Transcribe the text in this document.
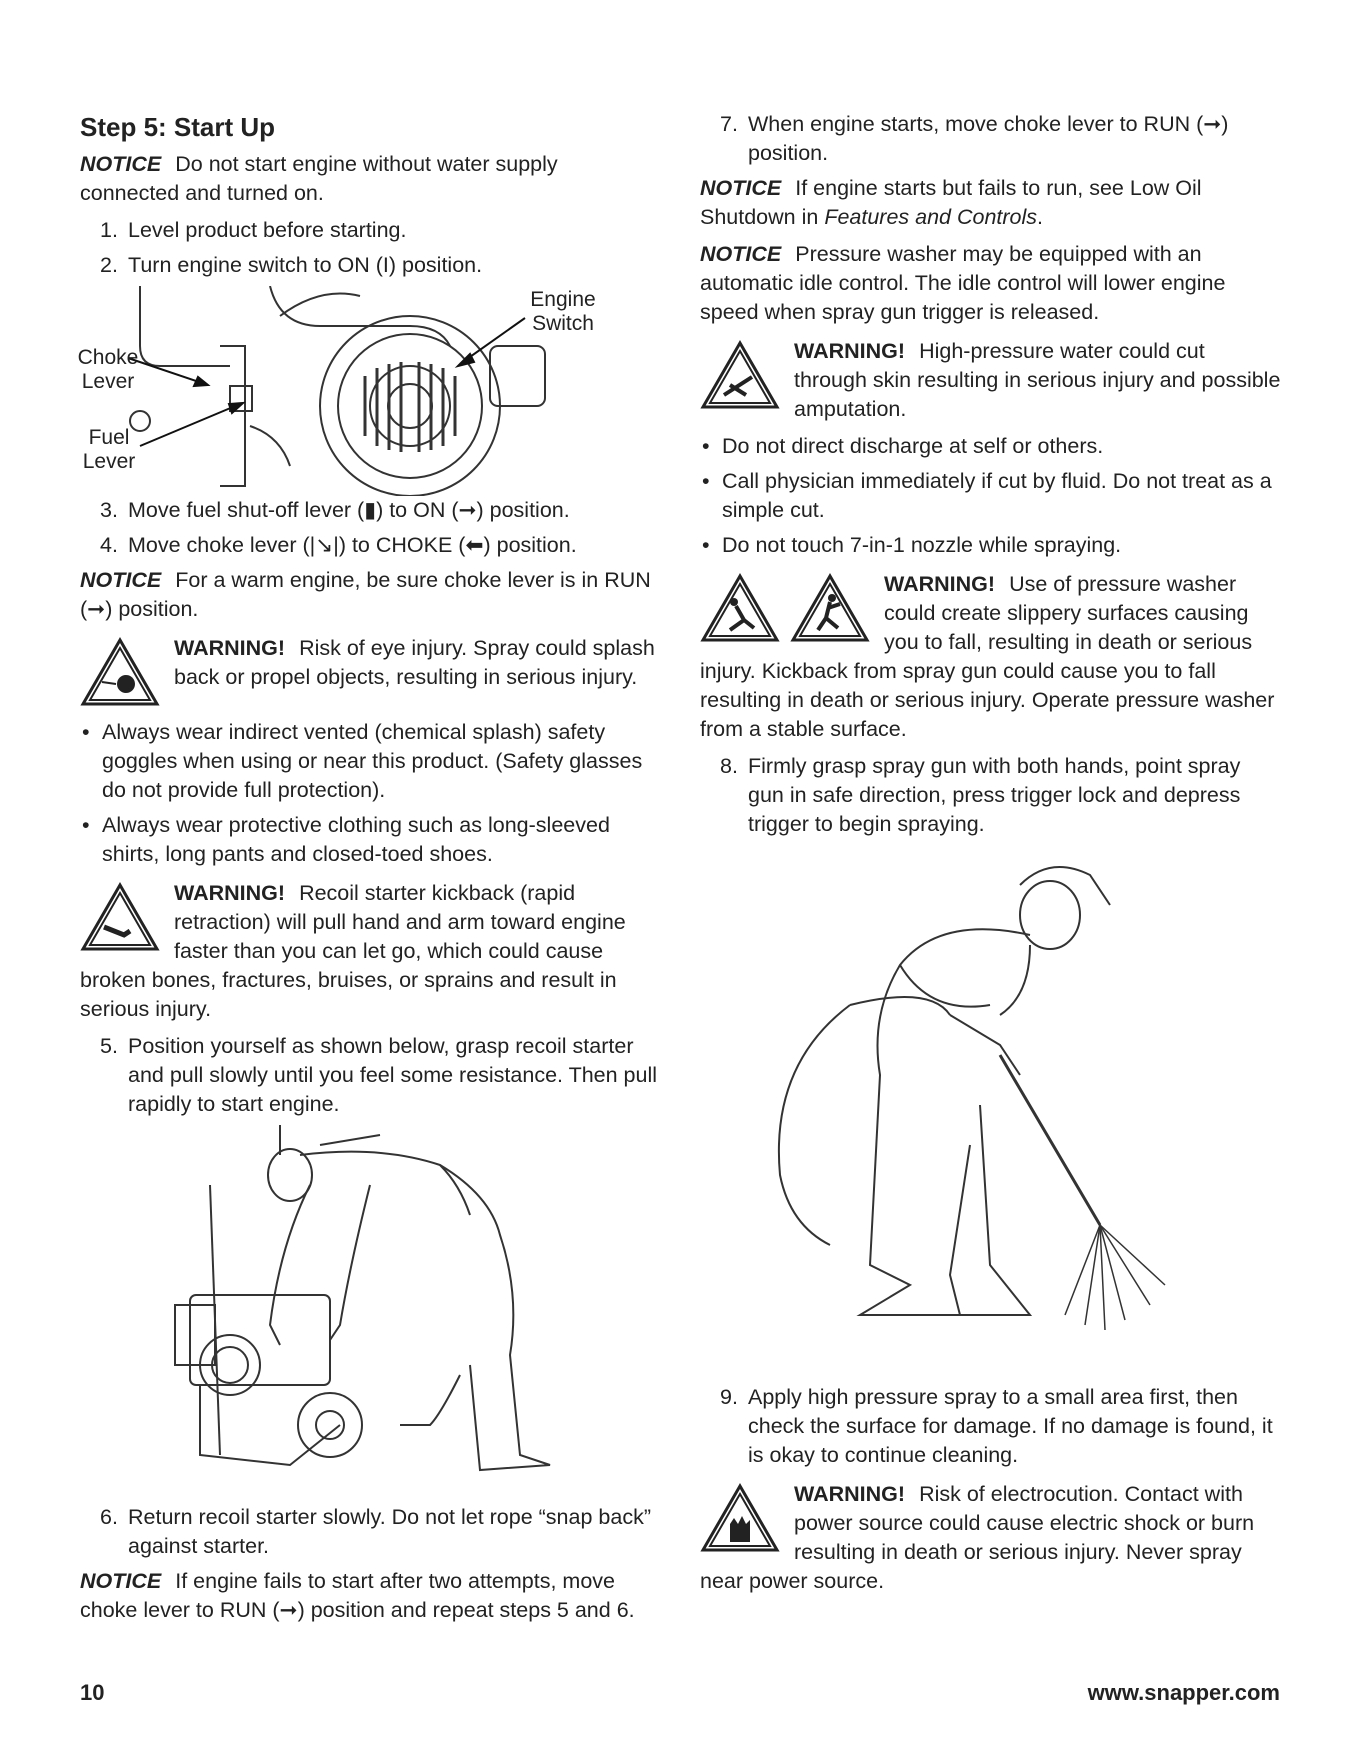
Step 5: Start Up

NOTICE Do not start engine without water supply connected and turned on.

1. Level product before starting.
2. Turn engine switch to ON (I) position.
Engine
Switch
Choke
Lever
Fuel
Lever
3. Move fuel shut-off lever (▮) to ON (➞) position.
4. Move choke lever (|↘|) to CHOKE (⬅) position.

NOTICE For a warm engine, be sure choke lever is in RUN (➞) position.

WARNING! Risk of eye injury. Spray could splash back or propel objects, resulting in serious injury.
• Always wear indirect vented (chemical splash) safety goggles when using or near this product. (Safety glasses do not provide full protection).
• Always wear protective clothing such as long-sleeved shirts, long pants and closed-toed shoes.
WARNING! Recoil starter kickback (rapid retraction) will pull hand and arm toward engine faster than you can let go, which could cause broken bones, fractures, bruises, or sprains and result in serious injury.
5. Position yourself as shown below, grasp recoil starter and pull slowly until you feel some resistance. Then pull rapidly to start engine.
6. Return recoil starter slowly. Do not let rope “snap back” against starter.

NOTICE If engine fails to start after two attempts, move choke lever to RUN (➞) position and repeat steps 5 and 6.

7. When engine starts, move choke lever to RUN (➞) position.

NOTICE If engine starts but fails to run, see Low Oil Shutdown in Features and Controls.

NOTICE Pressure washer may be equipped with an automatic idle control. The idle control will lower engine speed when spray gun trigger is released.

WARNING! High-pressure water could cut through skin resulting in serious injury and possible amputation.
• Do not direct discharge at self or others.
• Call physician immediately if cut by fluid. Do not treat as a simple cut.
• Do not touch 7-in-1 nozzle while spraying.
WARNING! Use of pressure washer could create slippery surfaces causing you to fall, resulting in death or serious injury. Kickback from spray gun could cause you to fall resulting in death or serious injury. Operate pressure washer from a stable surface.
8. Firmly grasp spray gun with both hands, point spray gun in safe direction, press trigger lock and depress trigger to begin spraying.
9. Apply high pressure spray to a small area first, then check the surface for damage. If no damage is found, it is okay to continue cleaning.
WARNING! Risk of electrocution. Contact with power source could cause electric shock or burn resulting in death or serious injury. Never spray near power source.
10	www.snapper.com
